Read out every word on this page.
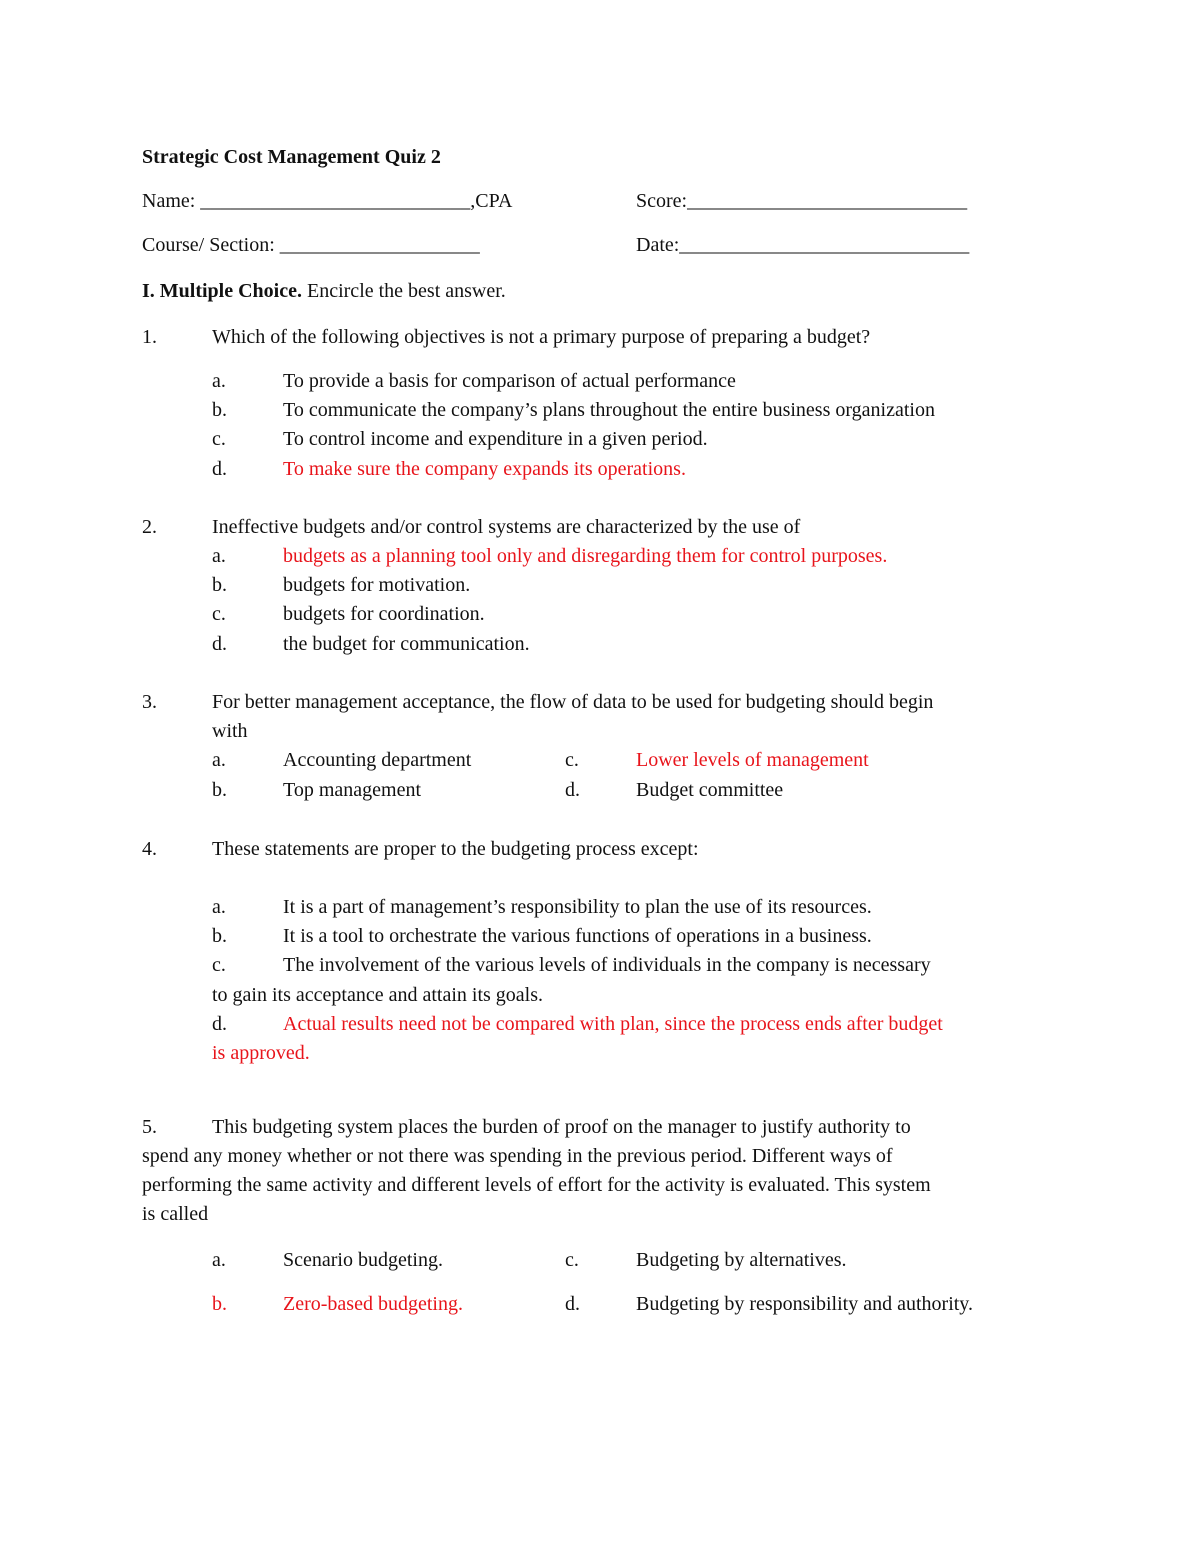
Strategic Cost Management Quiz 2
Name: ___________________________,CPA	Score:____________________________
Course/ Section: ____________________	Date:_____________________________
I. Multiple Choice. Encircle the best answer.
1.	Which of the following objectives is not a primary purpose of preparing a budget?
a.	To provide a basis for comparison of actual performance
b.	To communicate the company’s plans throughout the entire business organization
c.	To control income and expenditure in a given period.
d.	To make sure the company expands its operations.
2.	Ineffective budgets and/or control systems are characterized by the use of
a.	budgets as a planning tool only and disregarding them for control purposes.
b.	budgets for motivation.
c.	budgets for coordination.
d.	the budget for communication.
3.	For better management acceptance, the flow of data to be used for budgeting should begin
with
a.	Accounting department	c.	Lower levels of management
b.	Top management	d.	Budget committee
4.	These statements are proper to the budgeting process except:
a.	It is a part of management’s responsibility to plan the use of its resources.
b.	It is a tool to orchestrate the various functions of operations in a business.
c.	The involvement of the various levels of individuals in the company is necessary
to gain its acceptance and attain its goals.
d.	Actual results need not be compared with plan, since the process ends after budget
is approved.
5.	This budgeting system places the burden of proof on the manager to justify authority to
spend any money whether or not there was spending in the previous period. Different ways of
performing the same activity and different levels of effort for the activity is evaluated. This system
is called
a.	Scenario budgeting.	c.	Budgeting by alternatives.
b.	Zero-based budgeting.	d.	Budgeting by responsibility and authority.
